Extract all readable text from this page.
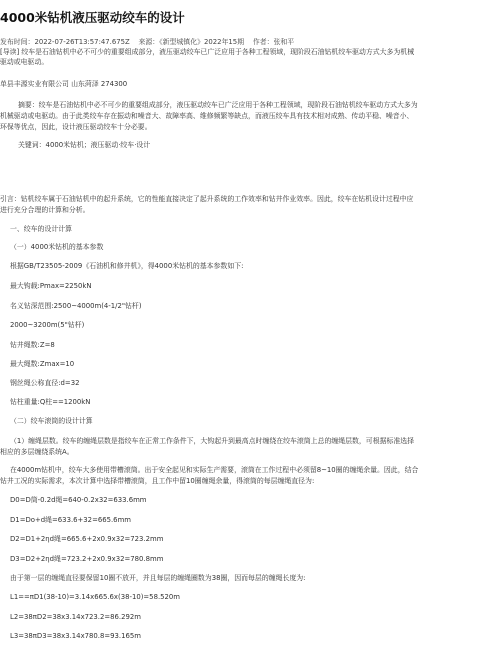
4000米钻机液压驱动绞车的设计
发布时间：2022-07-26T13:57:47.675Z 来源：《新型城镇化》2022年15期 作者：张和平
[导读] 绞车是石油钻机中必不可少的重要组成部分，液压驱动绞车已广泛应用于各种工程领域，现阶段石油钻机绞车驱动方式大多为机械
驱动或电驱动。
单县丰源实业有限公司 山东菏泽 274300
摘要：绞车是石油钻机中必不可少的重要组成部分，液压驱动绞车已广泛应用于各种工程领域，现阶段石油钻机绞车驱动方式大多为
机械驱动或电驱动。由于此类绞车存在振动和噪音大、故障率高、维修频繁等缺点，而液压绞车具有技术相对成熟、传动平稳、噪音小、
环保等优点，因此，设计液压驱动绞车十分必要。
关键词：4000米钻机；液压驱动·绞车·设计
引言：钻机绞车属于石油钻机中的起升系统，它的性能直接决定了起升系统的工作效率和钻井作业效率。因此，绞车在钻机设计过程中应
进行充分合理的计算和分析。
一、绞车的设计计算
（一）4000米钻机的基本参数
根据GB/T23505-2009《石油机和修井机》，得4000米钻机的基本参数如下:
最大钩载:Pmax=2250kN
名义钻深范围:2500~4000m(4-1/2"钻杆)
2000~3200m(5"钻杆)
钻井绳数:Z=8
最大绳数:Zmax=10
钢丝绳公称直径:d=32
钻柱重量:Q柱==1200kN
（二）绞车滚筒的设计计算
（1）缠绳层数。绞车的缠绳层数是指绞车在正常工作条件下，大钩起升到最高点时缠绕在绞车滚筒上总的缠绳层数，可根据标准选择
相应的多层缠绕系统A。
在4000m钻机中，绞车大多使用带槽滚筒。出于安全起见和实际生产需要，滚筒在工作过程中必须留8~10圈的缠绳余量。因此，结合
钻井工况的实际需求，本次计算中选择带槽滚筒，且工作中留10圈缠绳余量，得滚筒的每层缠绳直径为:
D0=D筒-0.2d绳=640-0.2x32=633.6mm
D1=Do+d绳=633.6+32=665.6mm
D2=D1+2ηd绳=665.6+2x0.9x32=723.2mm
D3=D2+2ηd绳=723.2+2x0.9x32=780.8mm
由于第一层的缠绳直径要保留10圈不放开，并且每层的缠绳圈数为38圈，因而每层的缠绳长度为:
L1==πD1(38-10)=3.14x665.6x(38-10)=58.520m
L2=38πD2=38x3.14x723.2=86.292m
L3=38πD3=38x3.14x780.8=93.165m
